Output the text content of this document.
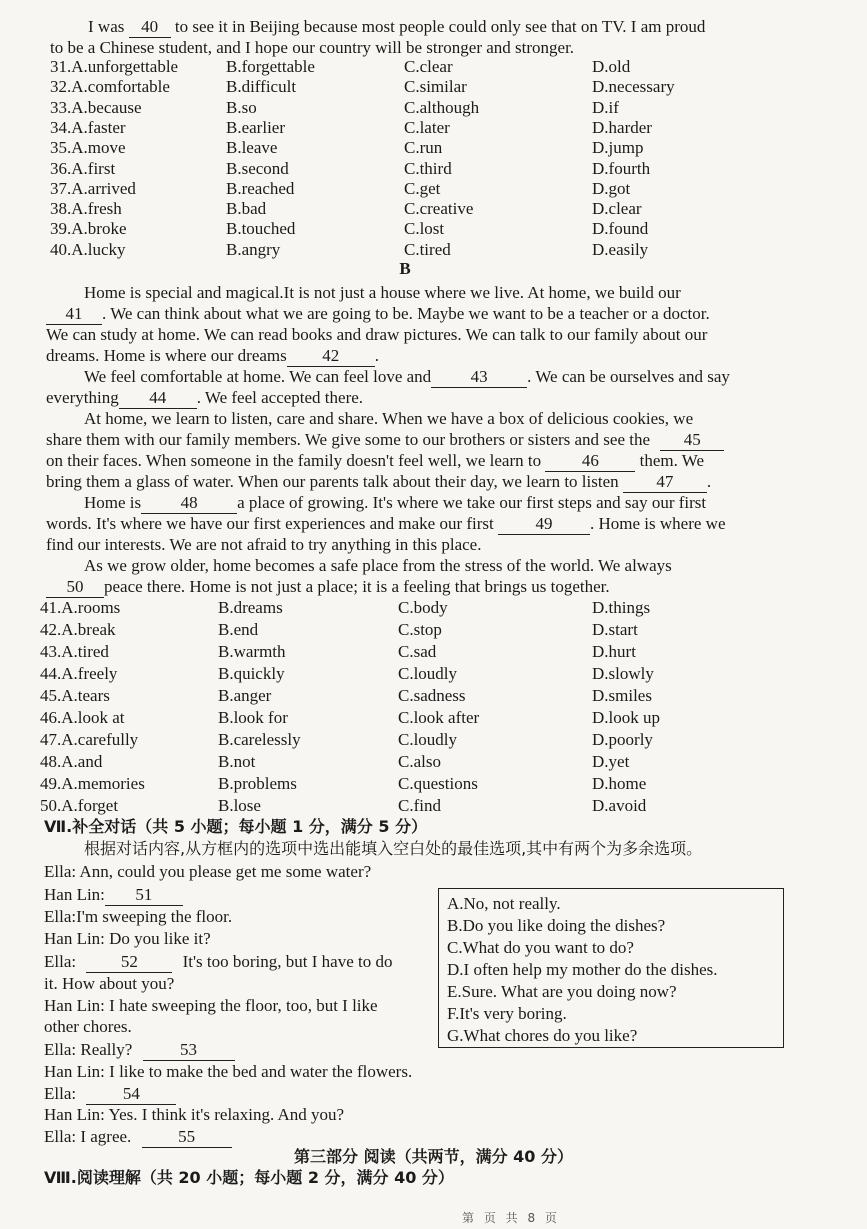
I was 40 to see it in Beijing because most people could only see that on TV. I am proud
to be a Chinese student, and I hope our country will be stronger and stronger.
31.A.unforgettable	B.forgettable	C.clear	D.old
32.A.comfortable	B.difficult	C.similar	D.necessary
33.A.because	B.so	C.although	D.if
34.A.faster	B.earlier	C.later	D.harder
35.A.move	B.leave	C.run	D.jump
36.A.first	B.second	C.third	D.fourth
37.A.arrived	B.reached	C.get	D.got
38.A.fresh	B.bad	C.creative	D.clear
39.A.broke	B.touched	C.lost	D.found
40.A.lucky	B.angry	C.tired	D.easily
B
Home is special and magical.It is not just a house where we live. At home, we build our
41 . We can think about what we are going to be. Maybe we want to be a teacher or a doctor.
We can study at home. We can read books and draw pictures. We can talk to our family about our
dreams. Home is where our dreams 42 .
We feel comfortable at home. We can feel love and 43 . We can be ourselves and say
everything 44 . We feel accepted there.
At home, we learn to listen, care and share. When we have a box of delicious cookies, we
share them with our family members. We give some to our brothers or sisters and see the 45
on their faces. When someone in the family doesn't feel well, we learn to 46 them. We
bring them a glass of water. When our parents talk about their day, we learn to listen 47 .
Home is 48 a place of growing. It's where we take our first steps and say our first
words. It's where we have our first experiences and make our first 49 . Home is where we
find our interests. We are not afraid to try anything in this place.
As we grow older, home becomes a safe place from the stress of the world. We always
50 peace there. Home is not just a place; it is a feeling that brings us together.
41.A.rooms	B.dreams	C.body	D.things
42.A.break	B.end	C.stop	D.start
43.A.tired	B.warmth	C.sad	D.hurt
44.A.freely	B.quickly	C.loudly	D.slowly
45.A.tears	B.anger	C.sadness	D.smiles
46.A.look at	B.look for	C.look after	D.look up
47.A.carefully	B.carelessly	C.loudly	D.poorly
48.A.and	B.not	C.also	D.yet
49.A.memories	B.problems	C.questions	D.home
50.A.forget	B.lose	C.find	D.avoid
Ⅶ.补全对话（共 5 小题；每小题 1 分，满分 5 分）
根据对话内容,从方框内的选项中选出能填入空白处的最佳选项,其中有两个为多余选项。
Ella: Ann, could you please get me some water?
Han Lin: 51
Ella:I'm sweeping the floor.
Han Lin: Do you like it?
Ella:	52	It's too boring, but I have to do
it. How about you?
Han Lin: I hate sweeping the floor, too, but I like
other chores.
Ella: Really?	53
Han Lin: I like to make the bed and water the flowers.
Ella:	54
Han Lin: Yes. I think it's relaxing. And you?
Ella: I agree.	55
A.No, not really.
B.Do you like doing the dishes?
C.What do you want to do?
D.I often help my mother do the dishes.
E.Sure. What are you doing now?
F.It's very boring.
G.What chores do you like?
第三部分 阅读（共两节，满分 40 分）
Ⅷ.阅读理解（共 20 小题；每小题 2 分，满分 40 分）
第 页 共 8 页
